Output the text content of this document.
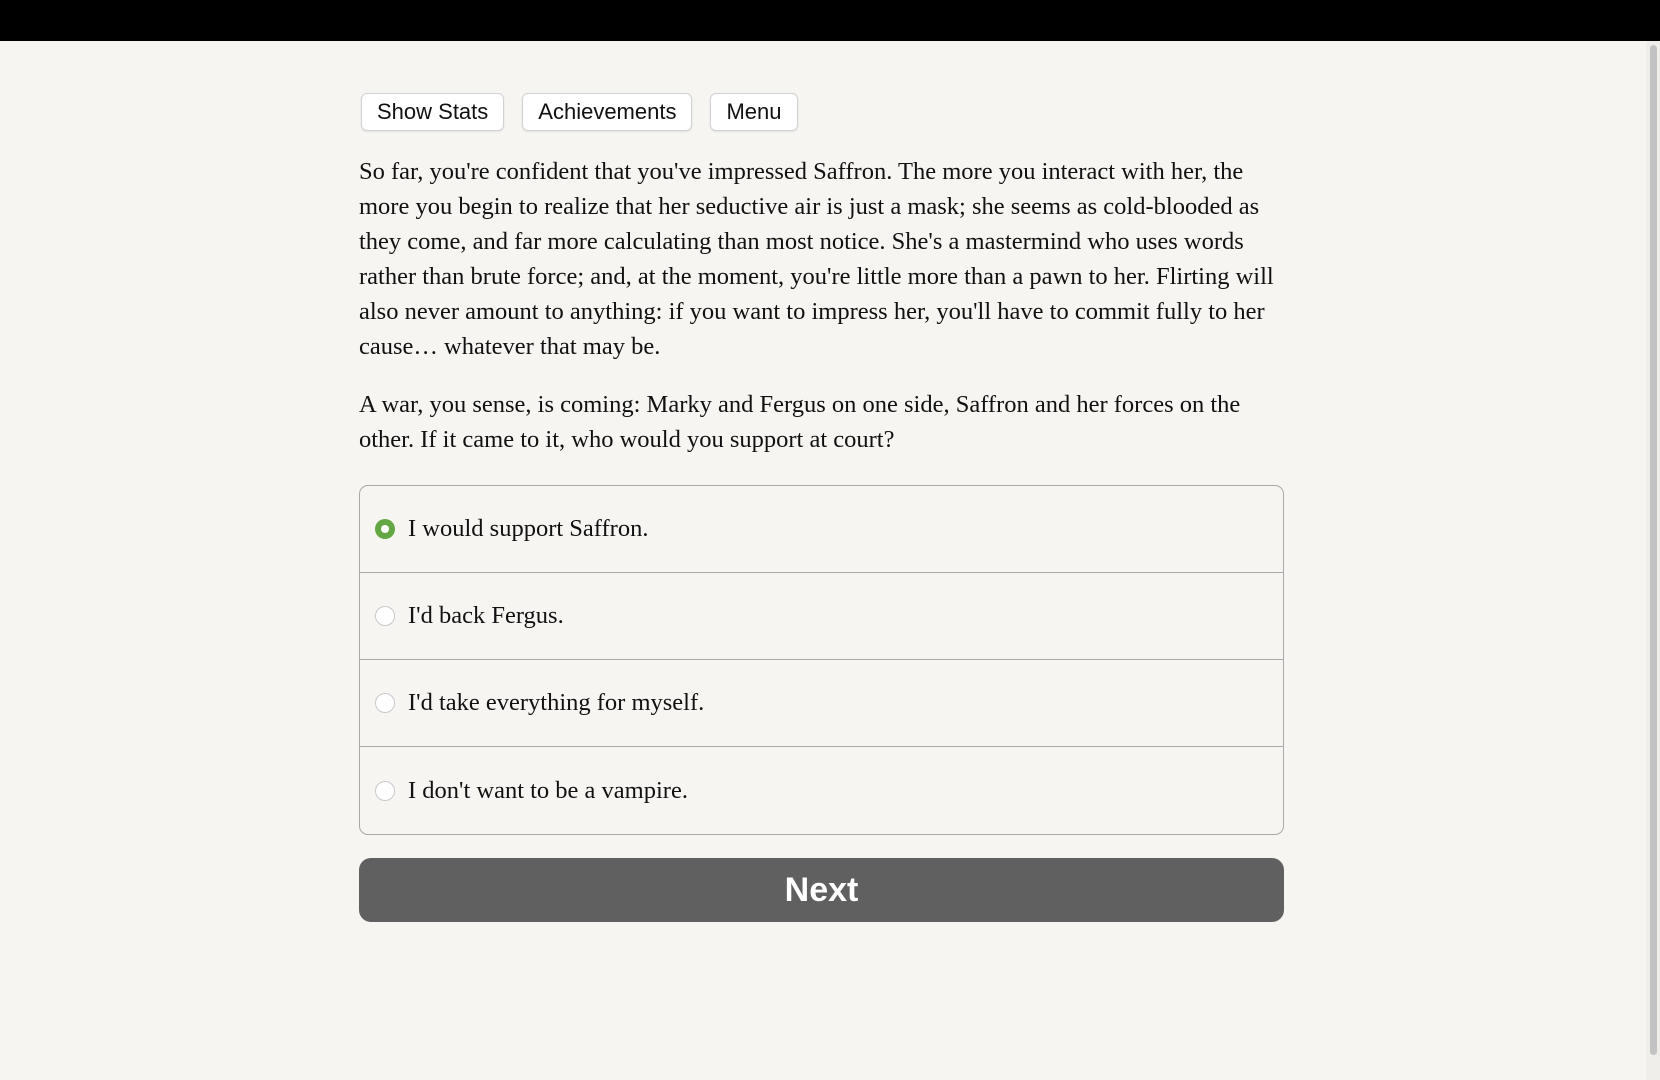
Show Stats	Achievements	Menu

So far, you're confident that you've impressed Saffron. The more you interact with her, the more you begin to realize that her seductive air is just a mask; she seems as cold-blooded as they come, and far more calculating than most notice. She's a mastermind who uses words rather than brute force; and, at the moment, you're little more than a pawn to her. Flirting will also never amount to anything: if you want to impress her, you'll have to commit fully to her cause… whatever that may be.

A war, you sense, is coming: Marky and Fergus on one side, Saffron and her forces on the other. If it came to it, who would you support at court?

I would support Saffron.
I'd back Fergus.
I'd take everything for myself.
I don't want to be a vampire.
Next
